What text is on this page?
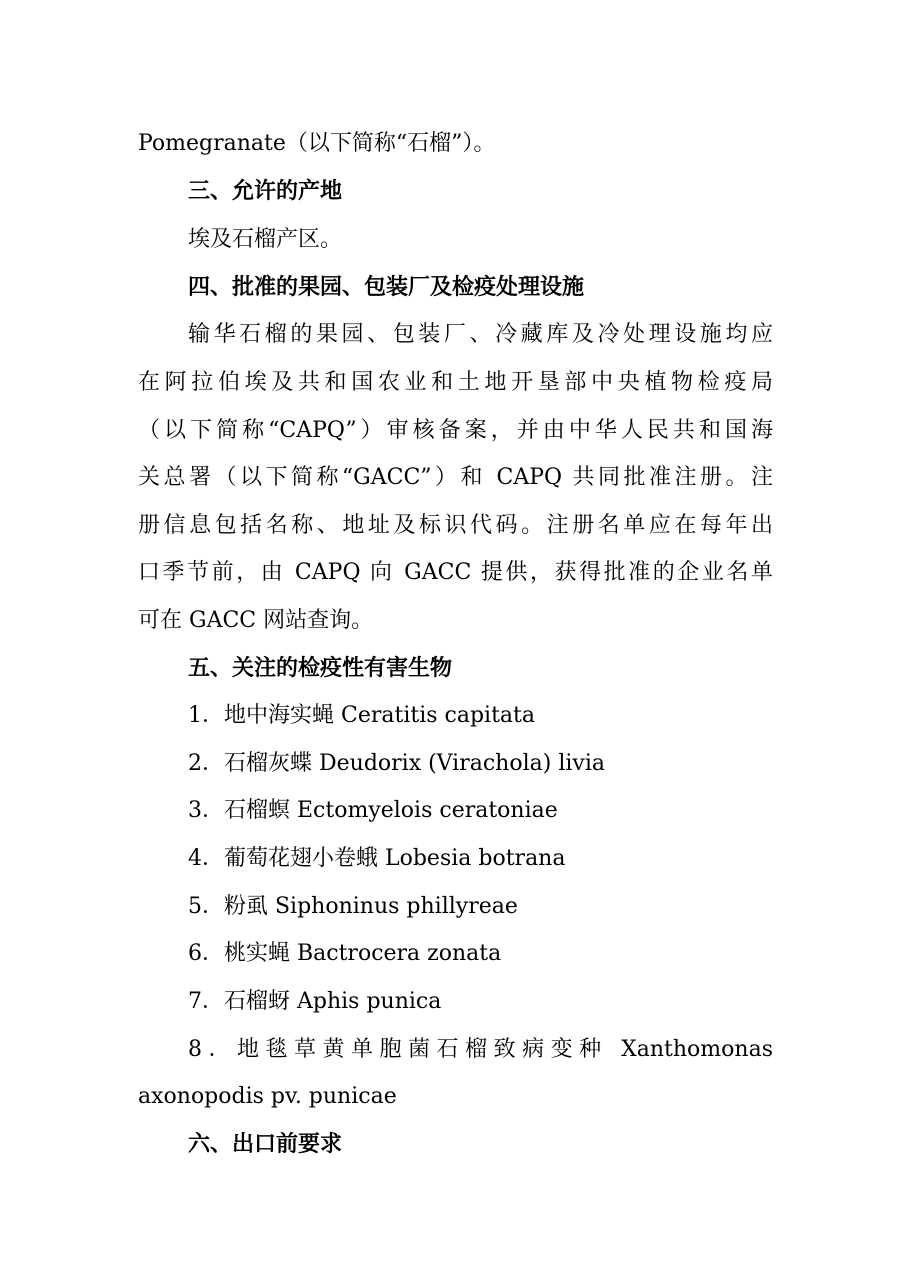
Pomegranate（以下简称“石榴”）。
三、允许的产地
埃及石榴产区。
四、批准的果园、包装厂及检疫处理设施
输华石榴的果园、包装厂、冷藏库及冷处理设施均应
在阿拉伯埃及共和国农业和土地开垦部中央植物检疫局
（以下简称“CAPQ”）审核备案，并由中华人民共和国海
关总署（以下简称“GACC”）和 CAPQ 共同批准注册。注
册信息包括名称、地址及标识代码。注册名单应在每年出
口季节前，由 CAPQ 向 GACC 提供，获得批准的企业名单
可在 GACC 网站查询。
五、关注的检疫性有害生物
1．地中海实蝇 Ceratitis capitata
2．石榴灰蝶 Deudorix (Virachola) livia
3．石榴螟 Ectomyelois ceratoniae
4．葡萄花翅小卷蛾 Lobesia botrana
5．粉虱 Siphoninus phillyreae
6．桃实蝇 Bactrocera zonata
7．石榴蚜 Aphis punica
8．地毯草黄单胞菌石榴致病变种 Xanthomonas
axonopodis pv. punicae
六、出口前要求
